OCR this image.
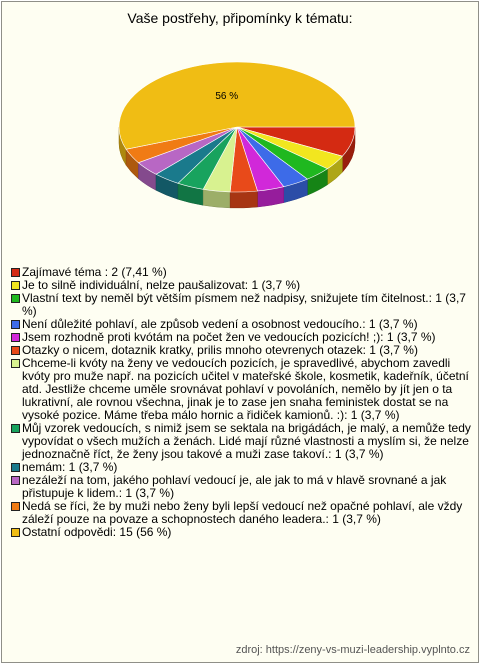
Vaše postřehy, připomínky k tématu:
56 %
Zajímavé téma : 2 (7,41 %)
Je to silně individuální, nelze paušalizovat: 1 (3,7 %)
Vlastní text by neměl být větším písmem než nadpisy, snižujete tím čitelnost.: 1 (3,7 %)
Není důležité pohlaví, ale způsob vedení a osobnost vedoucího.: 1 (3,7 %)
Jsem rozhodně proti kvótám na počet žen ve vedoucích pozicích! ;): 1 (3,7 %)
Otazky o nicem, dotaznik kratky, prilis mnoho otevrenych otazek: 1 (3,7 %)
Chceme-li kvóty na ženy ve vedoucích pozicích, je spravedlivé, abychom zavedli kvóty pro muže např. na pozicích učitel v mateřské škole, kosmetik, kadeřník, účetní atd. Jestliže chceme uměle srovnávat pohlaví v povoláních, nemělo by jít jen o ta lukrativní, ale rovnou všechna, jinak je to zase jen snaha feministek dostat se na vysoké pozice. Máme třeba málo hornic a řidiček kamionů. :): 1 (3,7 %)
Můj vzorek vedoucích, s nimiž jsem se sektala na brigádách, je malý, a nemůže tedy vypovídat o všech mužích a ženách. Lidé mají různé vlastnosti a myslím si, že nelze jednoznačně říct, že ženy jsou takové a muži zase takoví.: 1 (3,7 %)
nemám: 1 (3,7 %)
nezáleží na tom, jakého pohlaví vedoucí je, ale jak to má v hlavě srovnané a jak přistupuje k lidem.: 1 (3,7 %)
Nedá se říci, že by muži nebo ženy byli lepší vedoucí než opačné pohlaví, ale vždy záleží pouze na povaze a schopnostech daného leadera.: 1 (3,7 %)
Ostatní odpovědi: 15 (56 %)
zdroj: https://zeny-vs-muzi-leadership.vyplnto.cz
